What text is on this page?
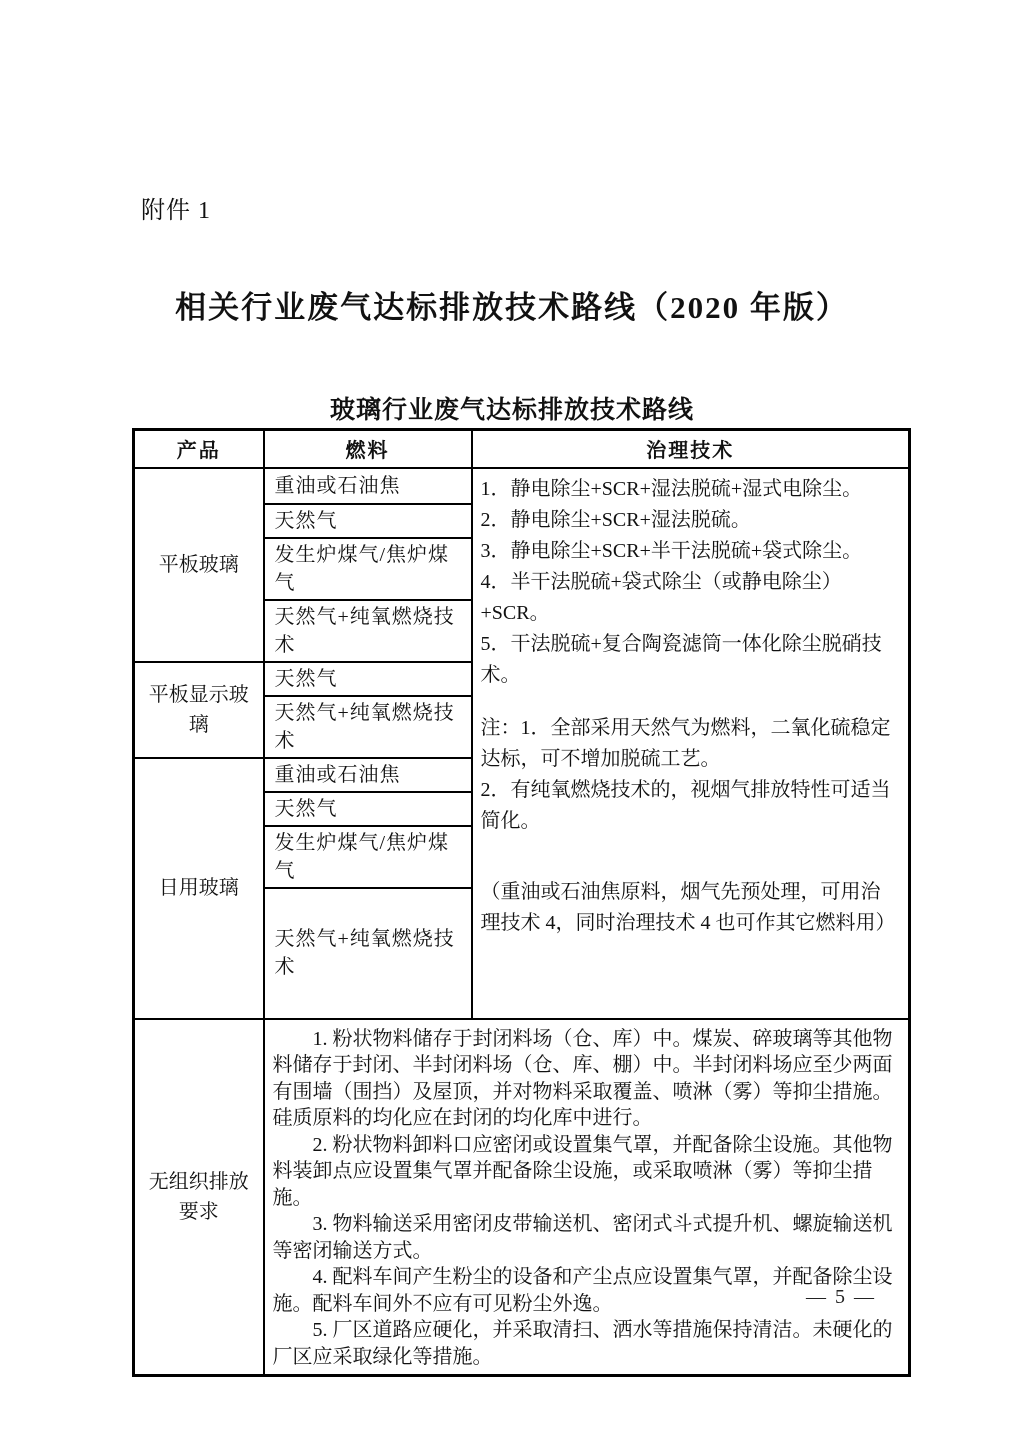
附件 1
相关行业废气达标排放技术路线（2020 年版）
玻璃行业废气达标排放技术路线
产品	燃料	治理技术
平板玻璃	重油或石油焦	1．静电除尘+SCR+湿法脱硫+湿式电除尘。

2．静电除尘+SCR+湿法脱硫。

3．静电除尘+SCR+半干法脱硫+袋式除尘。

4．半干法脱硫+袋式除尘（或静电除尘）+SCR。

5．干法脱硫+复合陶瓷滤筒一体化除尘脱硝技术。

注：1．全部采用天然气为燃料，二氧化硫稳定达标，可不增加脱硫工艺。

2．有纯氧燃烧技术的，视烟气排放特性可适当简化。

（重油或石油焦原料，烟气先预处理，可用治理技术 4，同时治理技术 4 也可作其它燃料用）

	天然气	
	发生炉煤气/焦炉煤气	
	天然气+纯氧燃烧技术	
平板显示玻璃	天然气	
	天然气+纯氧燃烧技术	
日用玻璃	重油或石油焦	
	天然气	
	发生炉煤气/焦炉煤气	
	天然气+纯氧燃烧技术	
无组织排放要求	1. 粉状物料储存于封闭料场（仓、库）中。煤炭、碎玻璃等其他物料储存于封闭、半封闭料场（仓、库、棚）中。半封闭料场应至少两面有围墙（围挡）及屋顶，并对物料采取覆盖、喷淋（雾）等抑尘措施。硅质原料的均化应在封闭的均化库中进行。

2. 粉状物料卸料口应密闭或设置集气罩，并配备除尘设施。其他物料装卸点应设置集气罩并配备除尘设施，或采取喷淋（雾）等抑尘措施。

3. 物料输送采用密闭皮带输送机、密闭式斗式提升机、螺旋输送机等密闭输送方式。

4. 配料车间产生粉尘的设备和产尘点应设置集气罩，并配备除尘设施。配料车间外不应有可见粉尘外逸。

5. 厂区道路应硬化，并采取清扫、洒水等措施保持清洁。未硬化的厂区应采取绿化等措施。	

— 5 —
